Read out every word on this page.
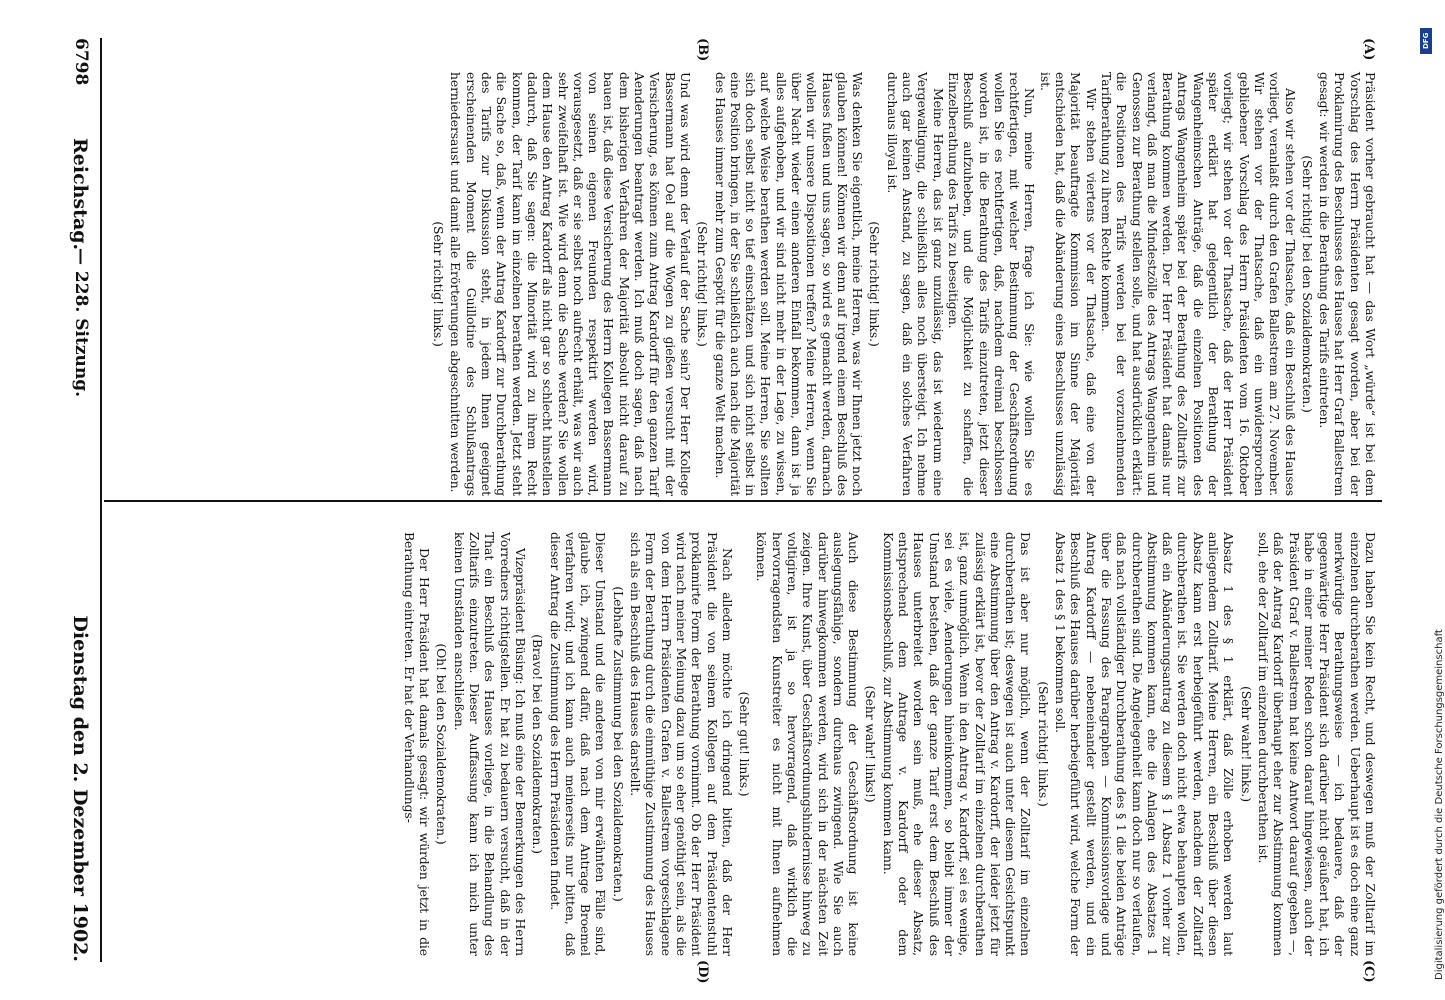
Präsident vorher gebraucht hat — das Wort „würde“ ist bei dem Vorschlag des Herrn Präsidenten gesagt worden, aber bei der Proklamirung des Beschlusses des Hauses hat Herr Graf Ballestrem gesagt: wir werden in die Berathung des Tarifs eintreten.

(Sehr richtig! bei den Sozialdemokraten.)

Also wir stehen vor der Thatsache, daß ein Beschluß des Hauses vorliegt, veranlaßt durch den Grafen Ballestrem am 27. November. Wir stehen vor der Thatsache, daß ein unwidersprochen gebliebener Vorschlag des Herrn Präsidenten vom 16. Oktober vorliegt; wir stehen vor der Thatsache, daß der Herr Präsident später erklärt hat gelegentlich der Berathung der Wangenheimschen Anträge, daß die einzelnen Positionen des Antrags Wangenheim später bei der Berathung des Zolltarifs zur Berathung kommen werden. Der Herr Präsident hat damals nur verlangt, daß man die Mindestzölle des Antrags Wangenheim und Genossen zur Berathung stellen solle, und hat ausdrücklich erklärt: die Positionen des Tarifs werden bei der vorzunehmenden Tarifberathung zu ihrem Rechte kommen.

Wir stehen viertens vor der Thatsache, daß eine von der Majorität beauftragte Kommission im Sinne der Majorität entschieden hat, daß die Abänderung eines Beschlusses unzulässig ist.

Nun, meine Herren, frage ich Sie: wie wollen Sie es rechtfertigen, mit welcher Bestimmung der Geschäftsordnung wollen Sie es rechtfertigen, daß, nachdem dreimal beschlossen worden ist, in die Berathung des Tarifs einzutreten, jetzt dieser Beschluß aufzuheben, und die Möglichkeit zu schaffen, die Einzelberathung des Tarifs zu beseitigen.

Meine Herren, das ist ganz unzulässig, das ist wiederum eine Vergewaltigung, die schließlich alles noch übersteigt. Ich nehme auch gar keinen Anstand, zu sagen, daß ein solches Verfahren durchaus illoyal ist.

(Sehr richtig! links.)

Was denken Sie eigentlich, meine Herren, was wir Ihnen jetzt noch glauben können! Können wir denn auf irgend einem Beschluß des Hauses fußen und uns sagen, so wird es gemacht werden, darnach wollen wir unsere Dispositionen treffen? Meine Herren, wenn Sie über Nacht wieder einen anderen Einfall bekommen, dann ist ja alles aufgehoben, und wir sind nicht mehr in der Lage, zu wissen, auf welche Weise berathen werden soll. Meine Herren, Sie sollten sich doch selbst nicht so tief einschätzen und sich nicht selbst in eine Position bringen, in der Sie schließlich auch nach die Majorität des Hauses immer mehr zum Gespött für die ganze Welt machen.

(Sehr richtig! links.)

Und was wird denn der Verlauf der Sache sein? Der Herr Kollege Bassermann hat Oel auf die Wogen zu gießen versucht mit der Versicherung, es können zum Antrag Kardorff für den ganzen Tarif Aenderungen beantragt werden. Ich muß doch sagen, daß nach dem bisherigen Verfahren der Majorität absolut nicht darauf zu bauen ist, daß diese Versicherung des Herrn Kollegen Bassermann von seinen eigenen Freunden respektirt werden wird, vorausgesetzt, daß er sie selbst noch aufrecht erhält, was wir auch sehr zweifelhaft ist. Wie wird denn die Sache werden? Sie wollen dem Hause den Antrag Kardorff als nicht gar so schlecht hinstellen dadurch, daß Sie sagen: die Minorität wird zu ihrem Recht kommen, der Tarif kann im einzelnen berathen werden. Jetzt steht die Sache so, daß, wenn der Antrag Kardorff zur Durchberathung des Tarifs zur Diskussion steht, in jedem Ihnen geeignet erscheinenden Moment die Guillotine des Schlußantrags herniedersaust und damit alle Erörterungen abgeschnitten werden.

(Sehr richtig! links.)

Dazu haben Sie kein Recht, und deswegen muß der Zolltarif im einzelnen durchberathen werden. Ueberhaupt ist es doch eine ganz merkwürdige Berathungsweise — ich bedauere, daß der gegenwärtige Herr Präsident sich darüber nicht geäußert hat, ich habe in einer meiner Reden schon darauf hingewiesen, auch der Präsident Graf v. Ballestrem hat keine Antwort darauf gegeben —, daß der Antrag Kardorff überhaupt eher zur Abstimmung kommen soll, ehe der Zolltarif im einzelnen durchberathen ist.

(Sehr wahr! links.)

Absatz 1 des § 1 erklärt, daß Zölle erhoben werden laut anliegendem Zolltarif. Meine Herren, ein Beschluß über diesen Absatz kann erst herbeigeführt werden, nachdem der Zolltarif durchberathen ist. Sie werden doch nicht etwa behaupten wollen, daß ein Abänderungsantrag zu diesem § 1 Absatz 1 vorher zur Abstimmung kommen kann, ehe die Anlagen des Absatzes 1 durchberathen sind. Die Angelegenheit kann doch nur so verlaufen, daß nach vollständiger Durchberathung des § 1 die beiden Anträge über die Fassung des Paragraphen — Kommissionsvorlage und Antrag Kardorff — nebeneinander gestellt werden, und ein Beschluß des Hauses darüber herbeigeführt wird, welche Form der Absatz 1 des § 1 bekommen soll.

(Sehr richtig! links.)

Das ist aber nur möglich, wenn der Zolltarif im einzelnen durchberathen ist; deswegen ist auch unter diesem Gesichtspunkt eine Abstimmung über den Antrag v. Kardorff, der leider jetzt für zulässig erklärt ist, bevor der Zolltarif im einzelnen durchberathen ist, ganz unmöglich. Wenn in den Antrag v. Kardorff, sei es wenige, sei es viele, Aenderungen hineinkommen, so bleibt immer der Umstand bestehen, daß der ganze Tarif erst dem Beschluß des Hauses unterbreitet worden sein muß, ehe dieser Absatz, entsprechend dem Antrage v. Kardorff oder dem Kommissionsbeschluß, zur Abstimmung kommen kann.

(Sehr wahr! links!)

Auch diese Bestimmung der Geschäftsordnung ist keine auslegungsfähige, sondern durchaus zwingend. Wie Sie auch darüber hinwegkommen werden, wird sich in der nächsten Zeit zeigen. Ihre Kunst, über Geschäftsordnungshindernisse hinweg zu voltigiren, ist ja so hervorragend, daß wirklich die hervorragendsten Kunstreiter es nicht mit Ihnen aufnehmen können.

(Sehr gut! links.)

Nach alledem möchte ich dringend bitten, daß der Herr Präsident die von seinem Kollegen auf dem Präsidentenstuhl proklamirte Form der Berathung vornimmt. Ob der Herr Präsident wird nach meiner Meinung dazu um so eher genöthigt sein, als die von dem Herrn Präsidenten Grafen v. Ballestrem vorgeschlagene Form der Berathung durch die einmüthige Zustimmung des Hauses sich als ein Beschluß des Hauses darstellt.

(Lebhafte Zustimmung bei den Sozialdemokraten.)

Dieser Umstand und die anderen von mir erwähnten Fälle sind, glaube ich, zwingend dafür, daß nach dem Antrage Broemel verfahren wird; und ich kann auch meinerseits nur bitten, daß dieser Antrag die Zustimmung des Herrn Präsidenten findet.

(Bravo! bei den Sozialdemokraten.)

Vizepräsident Büsing: Ich muß eine der Bemerkungen des Herrn Vorredners richtigstellen. Er hat zu bedauern versucht, daß in der That ein Beschluß des Hauses vorliege, in die Behandlung des Zolltarifs einzutreten. Dieser Auffassung kann ich mich unter keinen Umständen anschließen.

(Oh! bei den Sozialdemokraten.)

Der Herr Präsident hat damals gesagt: wir würden jetzt in die Berathung eintreten. Er hat der Verhandlungs-

(A)
(B)
(C)
(D)
6798
Reichstag.
— 228. Sitzung.
Dienstag den 2. Dezember 1902.
DFG
Digitalisierung gefördert durch die Deutsche Forschungsgemeinschaft
